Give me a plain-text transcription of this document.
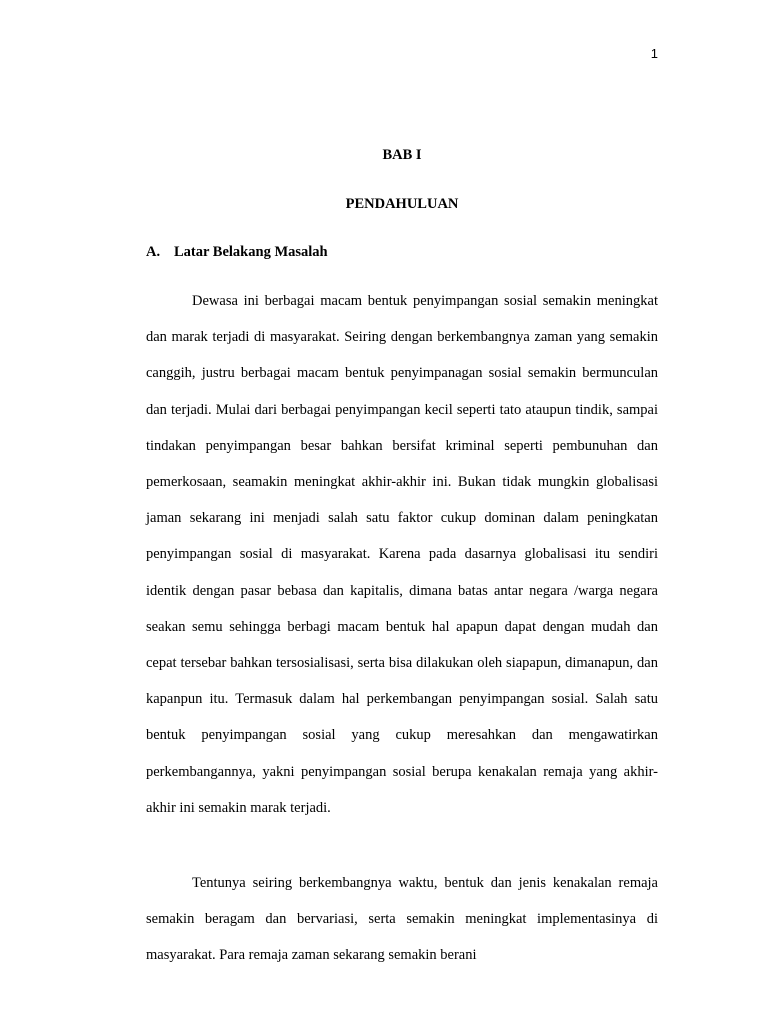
1
BAB I
PENDAHULUAN
A. Latar Belakang Masalah

Dewasa ini berbagai macam bentuk penyimpangan sosial semakin meningkat dan marak terjadi di masyarakat. Seiring dengan berkembangnya zaman yang semakin canggih, justru berbagai macam bentuk penyimpanagan sosial semakin bermunculan dan terjadi. Mulai dari berbagai penyimpangan kecil seperti tato ataupun tindik, sampai tindakan penyimpangan besar bahkan bersifat kriminal seperti pembunuhan dan pemerkosaan, seamakin meningkat akhir-akhir ini. Bukan tidak mungkin globalisasi jaman sekarang ini menjadi salah satu faktor cukup dominan dalam peningkatan penyimpangan sosial di masyarakat. Karena pada dasarnya globalisasi itu sendiri identik dengan pasar bebasa dan kapitalis, dimana batas antar negara /warga negara seakan semu sehingga berbagi macam bentuk hal apapun dapat dengan mudah dan cepat tersebar bahkan tersosialisasi, serta bisa dilakukan oleh siapapun, dimanapun, dan kapanpun itu. Termasuk dalam hal perkembangan penyimpangan sosial. Salah satu bentuk penyimpangan sosial yang cukup meresahkan dan mengawatirkan perkembangannya, yakni penyimpangan sosial berupa kenakalan remaja yang akhir-akhir ini semakin marak terjadi.

Tentunya seiring berkembangnya waktu, bentuk dan jenis kenakalan remaja semakin beragam dan bervariasi, serta semakin meningkat implementasinya di masyarakat. Para remaja zaman sekarang semakin berani
